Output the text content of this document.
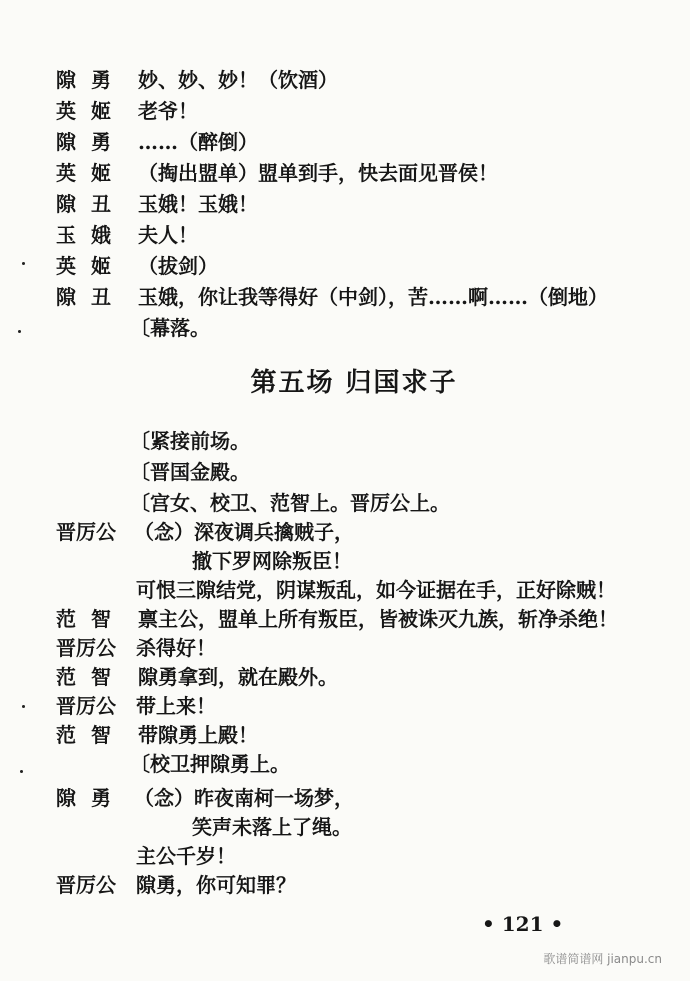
隙 勇	妙、妙、妙！（饮酒）
英 姬	老爷！
隙 勇	……（醉倒）
英 姬	（掏出盟单）盟单到手，快去面见晋侯！
隙 丑	玉娥！玉娥！
玉 娥	夫人！
英 姬	（拔剑）
隙 丑	玉娥，你让我等得好（中剑），苦……啊……（倒地）
〔幕落。
第五场 归国求子
〔紧接前场。
〔晋国金殿。
〔宫女、校卫、范智上。晋厉公上。
晋厉公 （念）深夜调兵擒贼子，
撤下罗网除叛臣！
可恨三隙结党，阴谋叛乱，如今证据在手，正好除贼！
范 智	禀主公，盟单上所有叛臣，皆被诛灭九族，斩净杀绝！
晋厉公	杀得好！
范 智	隙勇拿到，就在殿外。
晋厉公	带上来！
范 智	带隙勇上殿！
〔校卫押隙勇上。
隙 勇 （念）昨夜南柯一场梦，
笑声未落上了绳。
主公千岁！
晋厉公	隙勇，你可知罪？
• 121 •
歌谱简谱网 jianpu.cn
